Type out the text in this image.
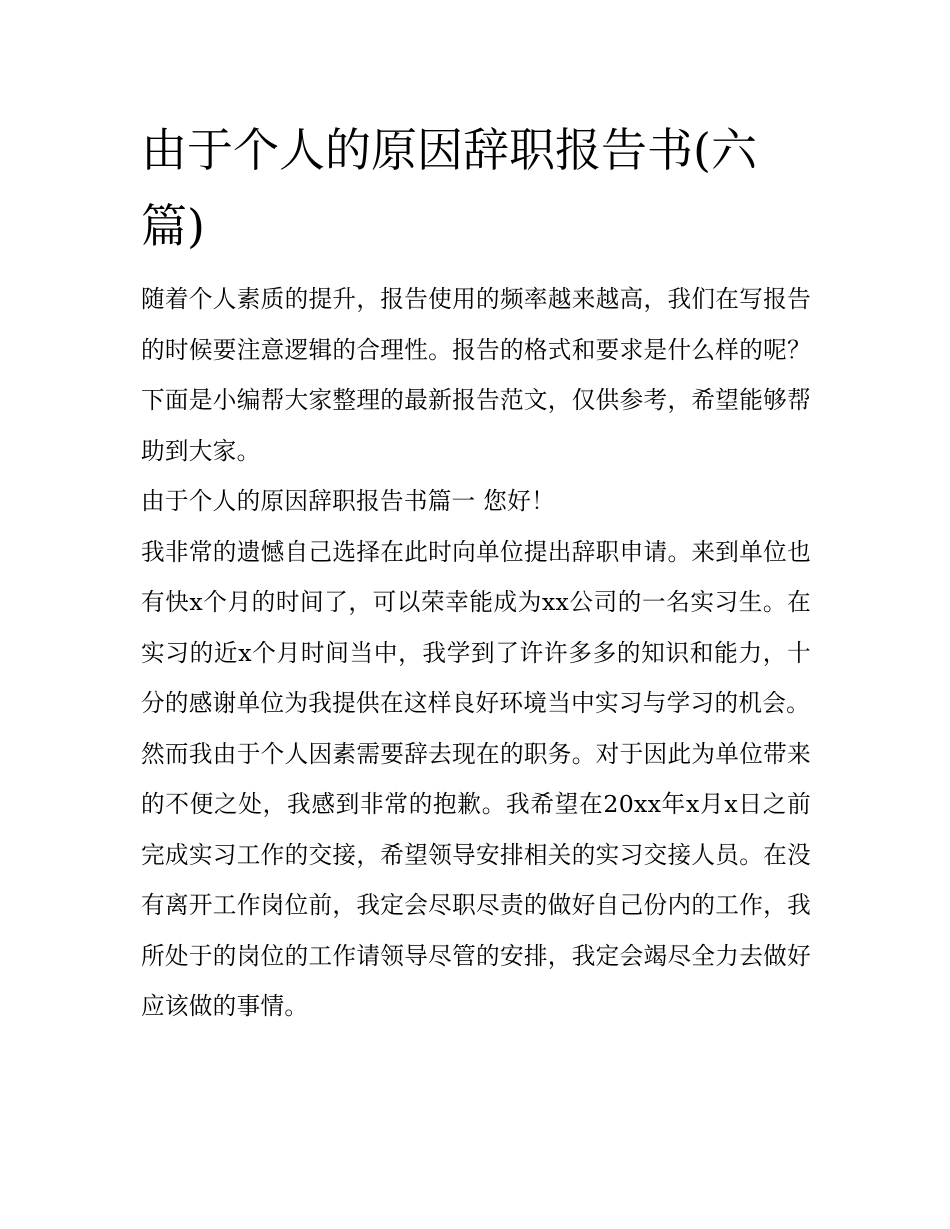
由于个人的原因辞职报告书(六篇)

随着个人素质的提升，报告使用的频率越来越高，我们在写报告的时候要注意逻辑的合理性。报告的格式和要求是什么样的呢？下面是小编帮大家整理的最新报告范文，仅供参考，希望能够帮助到大家。

由于个人的原因辞职报告书篇一 您好！

我非常的遗憾自己选择在此时向单位提出辞职申请。来到单位也有快x个月的时间了，可以荣幸能成为xx公司的一名实习生。在实习的近x个月时间当中，我学到了许许多多的知识和能力，十分的感谢单位为我提供在这样良好环境当中实习与学习的机会。

然而我由于个人因素需要辞去现在的职务。对于因此为单位带来的不便之处，我感到非常的抱歉。我希望在20xx年x月x日之前完成实习工作的交接，希望领导安排相关的实习交接人员。在没有离开工作岗位前，我定会尽职尽责的做好自己份内的工作，我所处于的岗位的工作请领导尽管的安排，我定会竭尽全力去做好应该做的事情。
